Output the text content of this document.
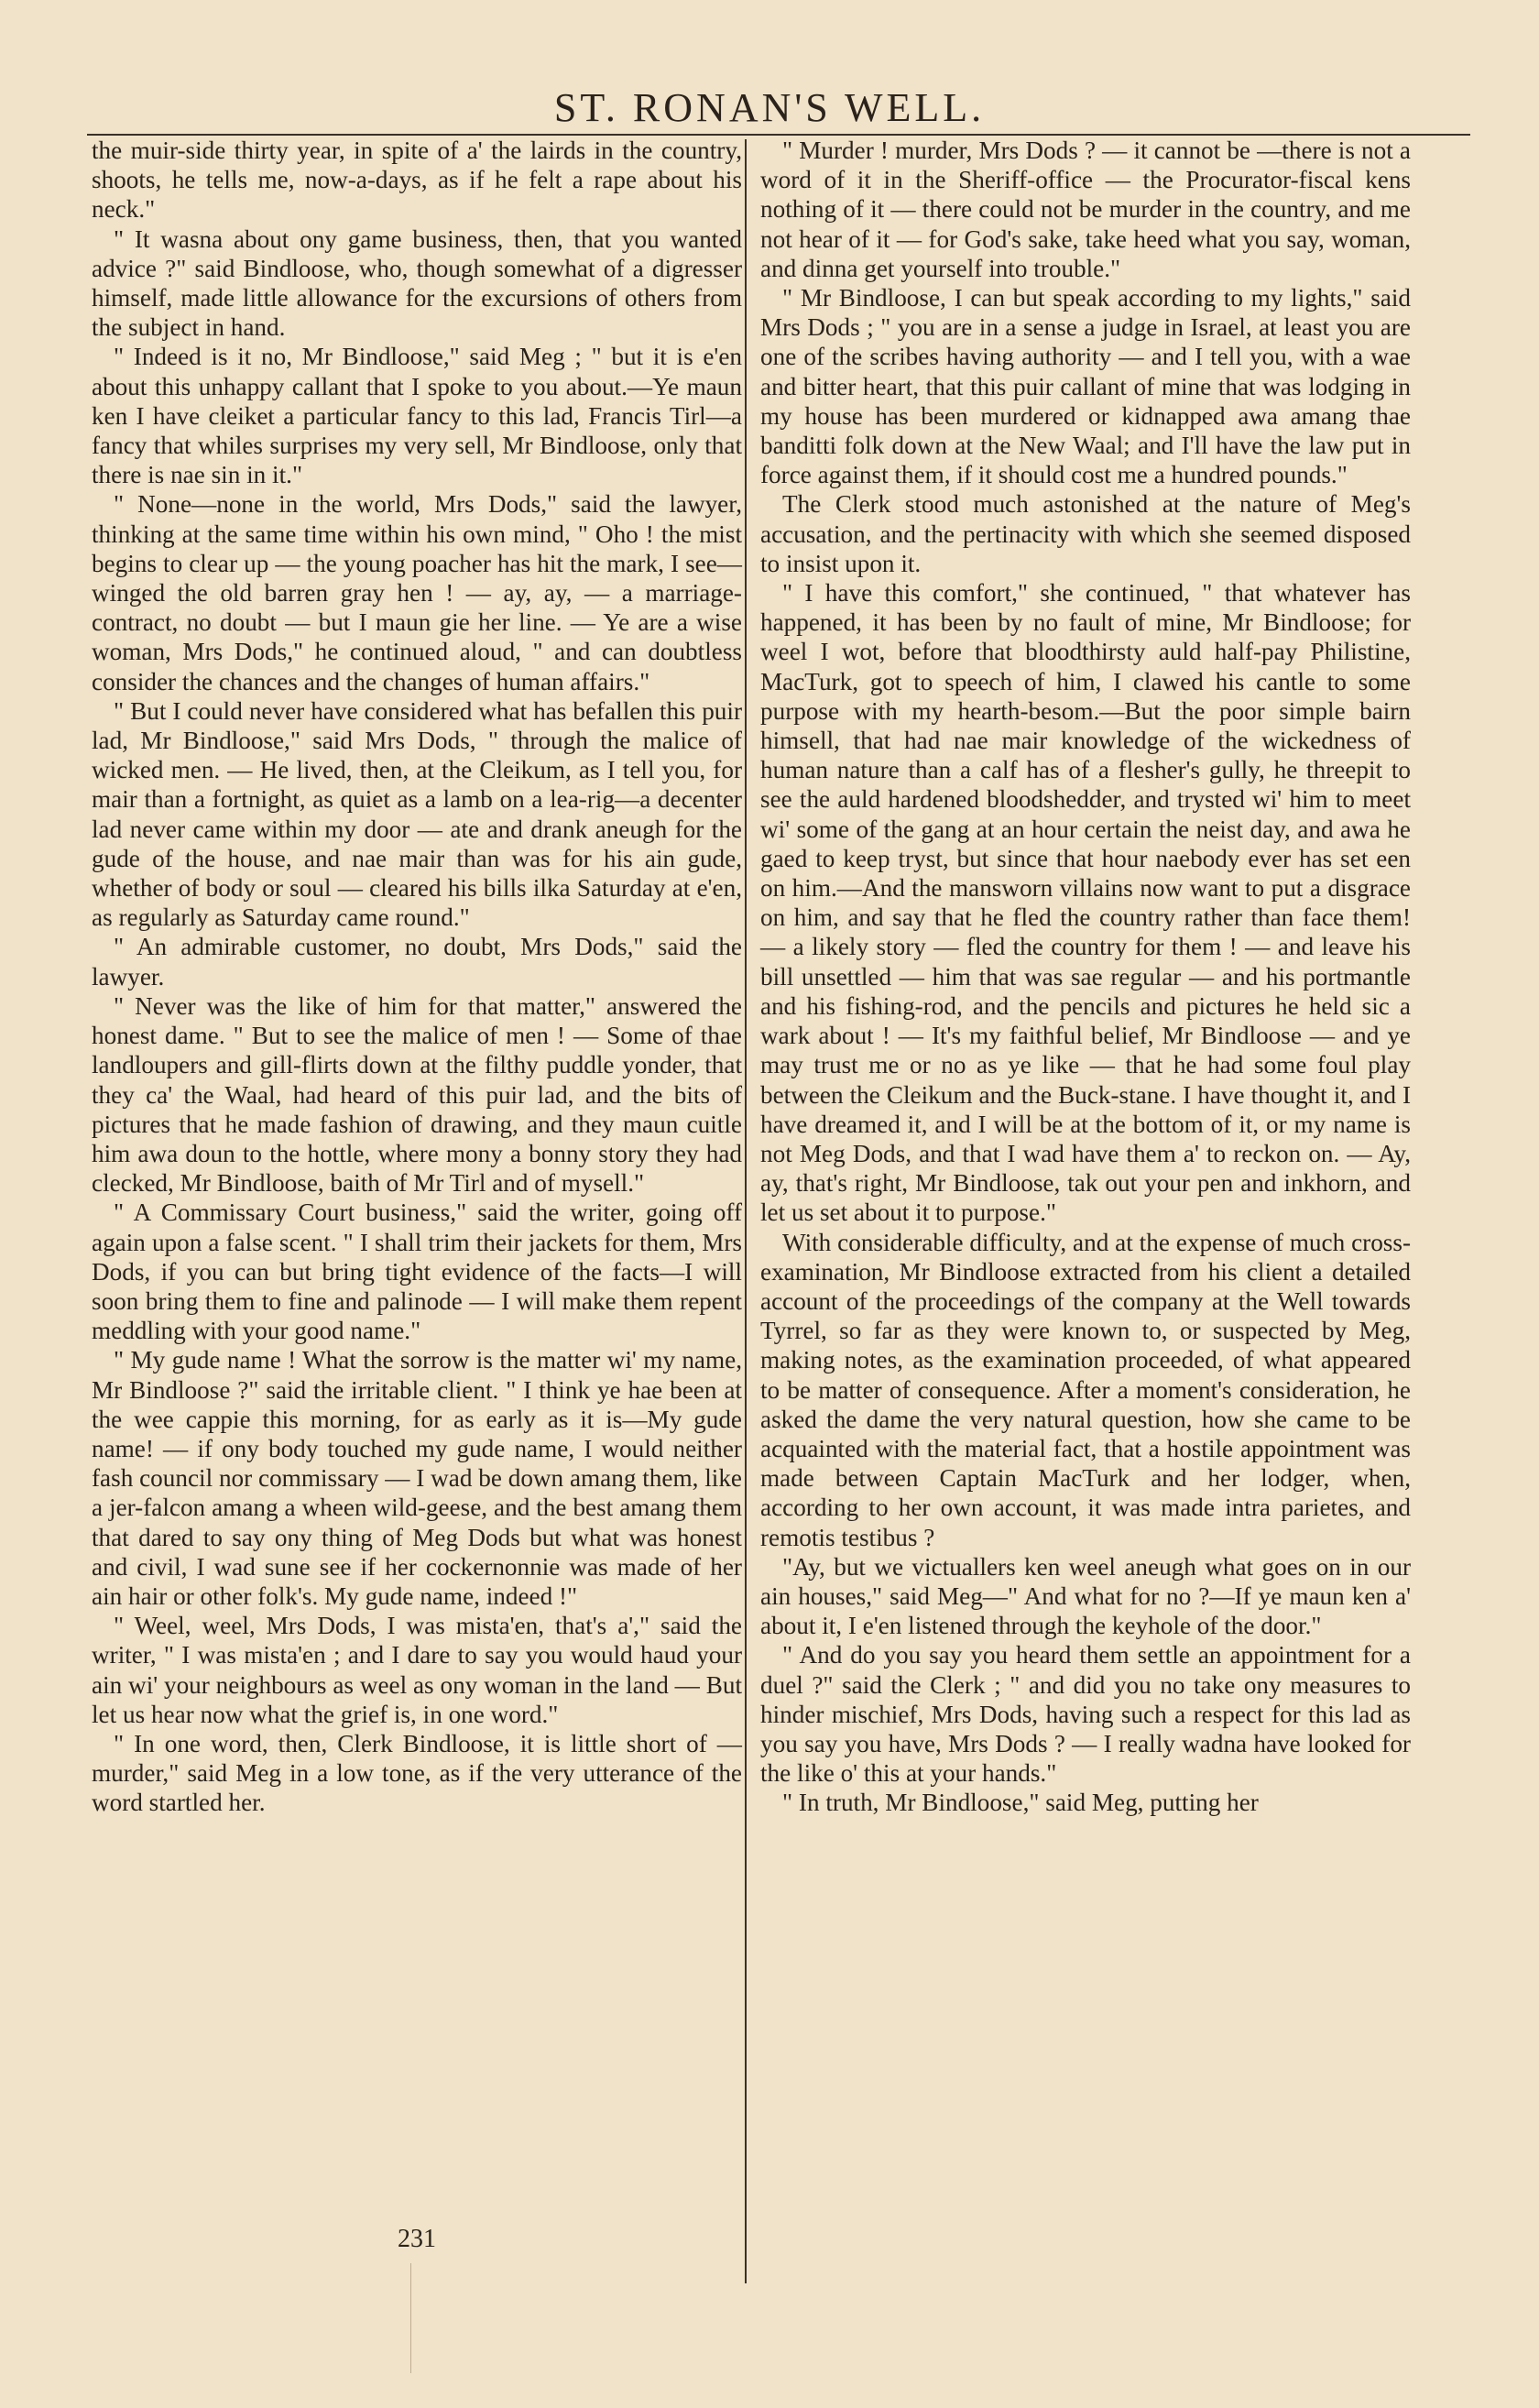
ST. RONAN'S WELL.

the muir-side thirty year, in spite of a' the lairds in the country, shoots, he tells me, now-a-days, as if he felt a rape about his neck."

" It wasna about ony game business, then, that you wanted advice ?" said Bindloose, who, though somewhat of a digresser himself, made little allowance for the excursions of others from the subject in hand.

" Indeed is it no, Mr Bindloose," said Meg ; " but it is e'en about this unhappy callant that I spoke to you about.—Ye maun ken I have cleiket a particular fancy to this lad, Francis Tirl—a fancy that whiles surprises my very sell, Mr Bindloose, only that there is nae sin in it."

" None—none in the world, Mrs Dods," said the lawyer, thinking at the same time within his own mind, " Oho ! the mist begins to clear up — the young poacher has hit the mark, I see—winged the old barren gray hen ! — ay, ay, — a marriage-contract, no doubt — but I maun gie her line. — Ye are a wise woman, Mrs Dods," he continued aloud, " and can doubtless consider the chances and the changes of human affairs."

" But I could never have considered what has befallen this puir lad, Mr Bindloose," said Mrs Dods, " through the malice of wicked men. — He lived, then, at the Cleikum, as I tell you, for mair than a fortnight, as quiet as a lamb on a lea-rig—a decenter lad never came within my door — ate and drank aneugh for the gude of the house, and nae mair than was for his ain gude, whether of body or soul — cleared his bills ilka Saturday at e'en, as regularly as Saturday came round."

" An admirable customer, no doubt, Mrs Dods," said the lawyer.

" Never was the like of him for that matter," answered the honest dame. " But to see the malice of men ! — Some of thae landloupers and gill-flirts down at the filthy puddle yonder, that they ca' the Waal, had heard of this puir lad, and the bits of pictures that he made fashion of drawing, and they maun cuitle him awa doun to the hottle, where mony a bonny story they had clecked, Mr Bindloose, baith of Mr Tirl and of mysell."

" A Commissary Court business," said the writer, going off again upon a false scent. " I shall trim their jackets for them, Mrs Dods, if you can but bring tight evidence of the facts—I will soon bring them to fine and palinode — I will make them repent meddling with your good name."

" My gude name ! What the sorrow is the matter wi' my name, Mr Bindloose ?" said the irritable client. " I think ye hae been at the wee cappie this morning, for as early as it is—My gude name! — if ony body touched my gude name, I would neither fash council nor commissary — I wad be down amang them, like a jer-falcon amang a wheen wild-geese, and the best amang them that dared to say ony thing of Meg Dods but what was honest and civil, I wad sune see if her cockernonnie was made of her ain hair or other folk's. My gude name, indeed !"

" Weel, weel, Mrs Dods, I was mista'en, that's a'," said the writer, " I was mista'en ; and I dare to say you would haud your ain wi' your neighbours as weel as ony woman in the land — But let us hear now what the grief is, in one word."

" In one word, then, Clerk Bindloose, it is little short of — murder," said Meg in a low tone, as if the very utterance of the word startled her.

" Murder ! murder, Mrs Dods ? — it cannot be —there is not a word of it in the Sheriff-office — the Procurator-fiscal kens nothing of it — there could not be murder in the country, and me not hear of it — for God's sake, take heed what you say, woman, and dinna get yourself into trouble."

" Mr Bindloose, I can but speak according to my lights," said Mrs Dods ; " you are in a sense a judge in Israel, at least you are one of the scribes having authority — and I tell you, with a wae and bitter heart, that this puir callant of mine that was lodging in my house has been murdered or kidnapped awa amang thae banditti folk down at the New Waal; and I'll have the law put in force against them, if it should cost me a hundred pounds."

The Clerk stood much astonished at the nature of Meg's accusation, and the pertinacity with which she seemed disposed to insist upon it.

" I have this comfort," she continued, " that whatever has happened, it has been by no fault of mine, Mr Bindloose; for weel I wot, before that bloodthirsty auld half-pay Philistine, MacTurk, got to speech of him, I clawed his cantle to some purpose with my hearth-besom.—But the poor simple bairn himsell, that had nae mair knowledge of the wickedness of human nature than a calf has of a flesher's gully, he threepit to see the auld hardened bloodshedder, and trysted wi' him to meet wi' some of the gang at an hour certain the neist day, and awa he gaed to keep tryst, but since that hour naebody ever has set een on him.—And the mansworn villains now want to put a disgrace on him, and say that he fled the country rather than face them! — a likely story — fled the country for them ! — and leave his bill unsettled — him that was sae regular — and his portmantle and his fishing-rod, and the pencils and pictures he held sic a wark about ! — It's my faithful belief, Mr Bindloose — and ye may trust me or no as ye like — that he had some foul play between the Cleikum and the Buck-stane. I have thought it, and I have dreamed it, and I will be at the bottom of it, or my name is not Meg Dods, and that I wad have them a' to reckon on. — Ay, ay, that's right, Mr Bindloose, tak out your pen and inkhorn, and let us set about it to purpose."

With considerable difficulty, and at the expense of much cross-examination, Mr Bindloose extracted from his client a detailed account of the proceedings of the company at the Well towards Tyrrel, so far as they were known to, or suspected by Meg, making notes, as the examination proceeded, of what appeared to be matter of consequence. After a moment's consideration, he asked the dame the very natural question, how she came to be acquainted with the material fact, that a hostile appointment was made between Captain MacTurk and her lodger, when, according to her own account, it was made intra parietes, and remotis testibus ?

"Ay, but we victuallers ken weel aneugh what goes on in our ain houses," said Meg—" And what for no ?—If ye maun ken a' about it, I e'en listened through the keyhole of the door."

" And do you say you heard them settle an appointment for a duel ?" said the Clerk ; " and did you no take ony measures to hinder mischief, Mrs Dods, having such a respect for this lad as you say you have, Mrs Dods ? — I really wadna have looked for the like o' this at your hands."

" In truth, Mr Bindloose," said Meg, putting her

231
